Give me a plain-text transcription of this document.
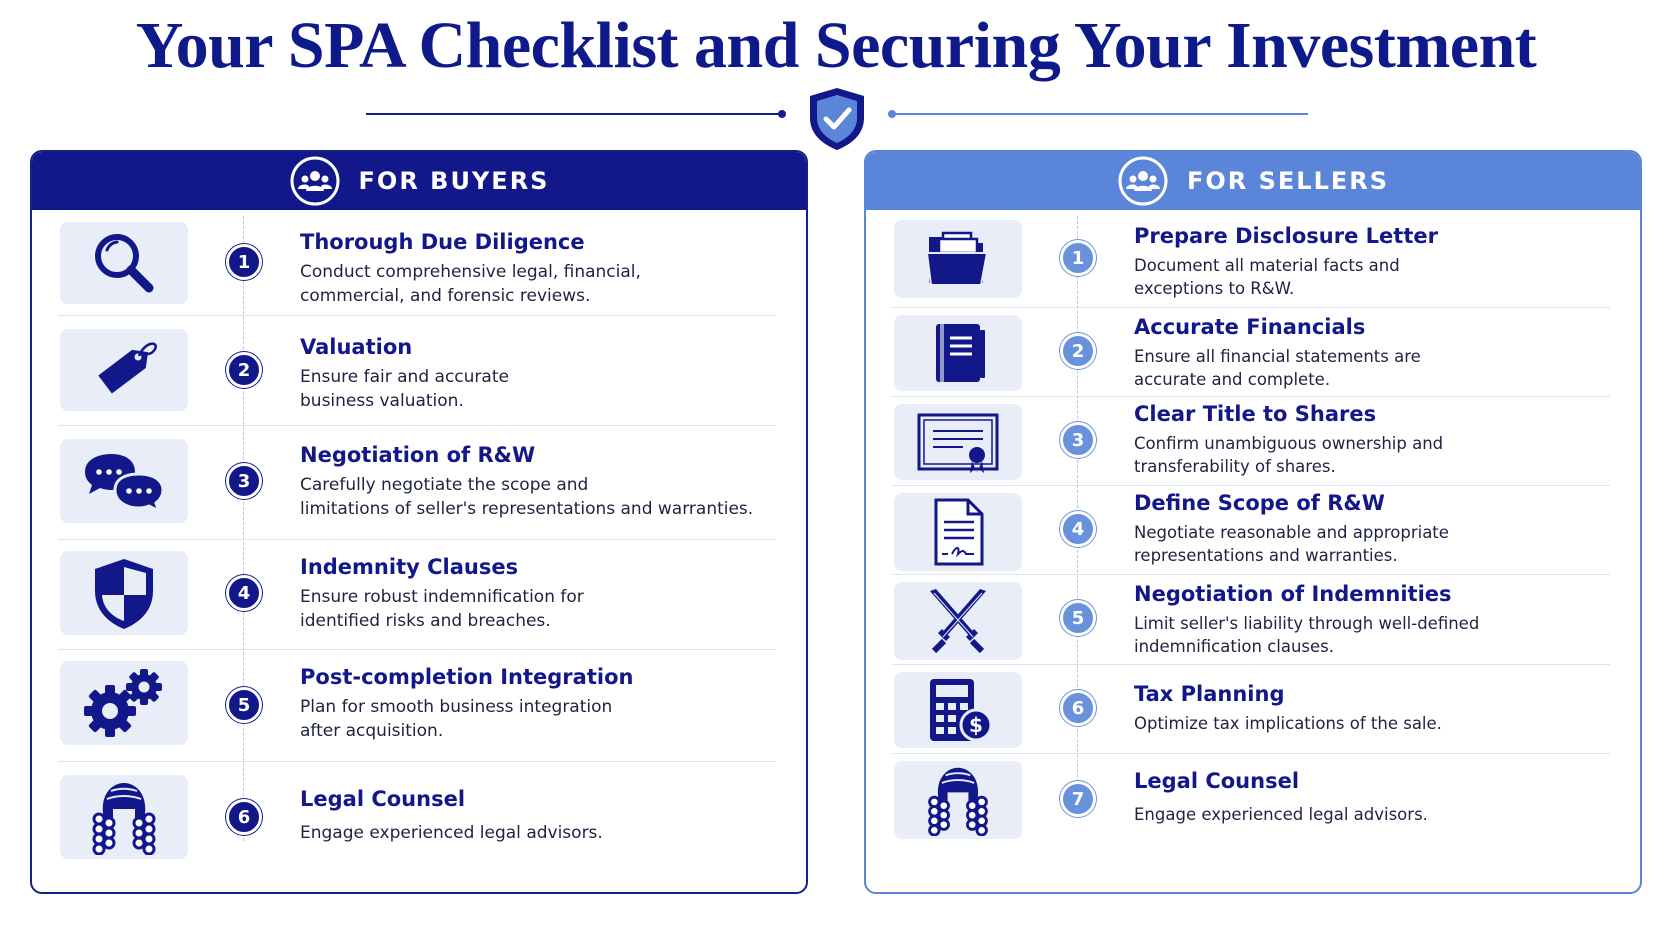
Your SPA Checklist and Securing Your Investment
FOR BUYERS
1
Thorough Due Diligence
Conduct comprehensive legal, financial,
commercial, and forensic reviews.
2
Valuation
Ensure fair and accurate
business valuation.
3
Negotiation of R&W
Carefully negotiate the scope and
limitations of seller's representations and warranties.
4
Indemnity Clauses
Ensure robust indemnification for
identified risks and breaches.
5
Post-completion Integration
Plan for smooth business integration
after acquisition.
6
Legal Counsel
Engage experienced legal advisors.
FOR SELLERS
1
Prepare Disclosure Letter
Document all material facts and
exceptions to R&W.
2
Accurate Financials
Ensure all financial statements are
accurate and complete.
3
Clear Title to Shares
Confirm unambiguous ownership and
transferability of shares.
4
Define Scope of R&W
Negotiate reasonable and appropriate
representations and warranties.
5
Negotiation of Indemnities
Limit seller's liability through well-defined
indemnification clauses.
$
6
Tax Planning
Optimize tax implications of the sale.
7
Legal Counsel
Engage experienced legal advisors.
